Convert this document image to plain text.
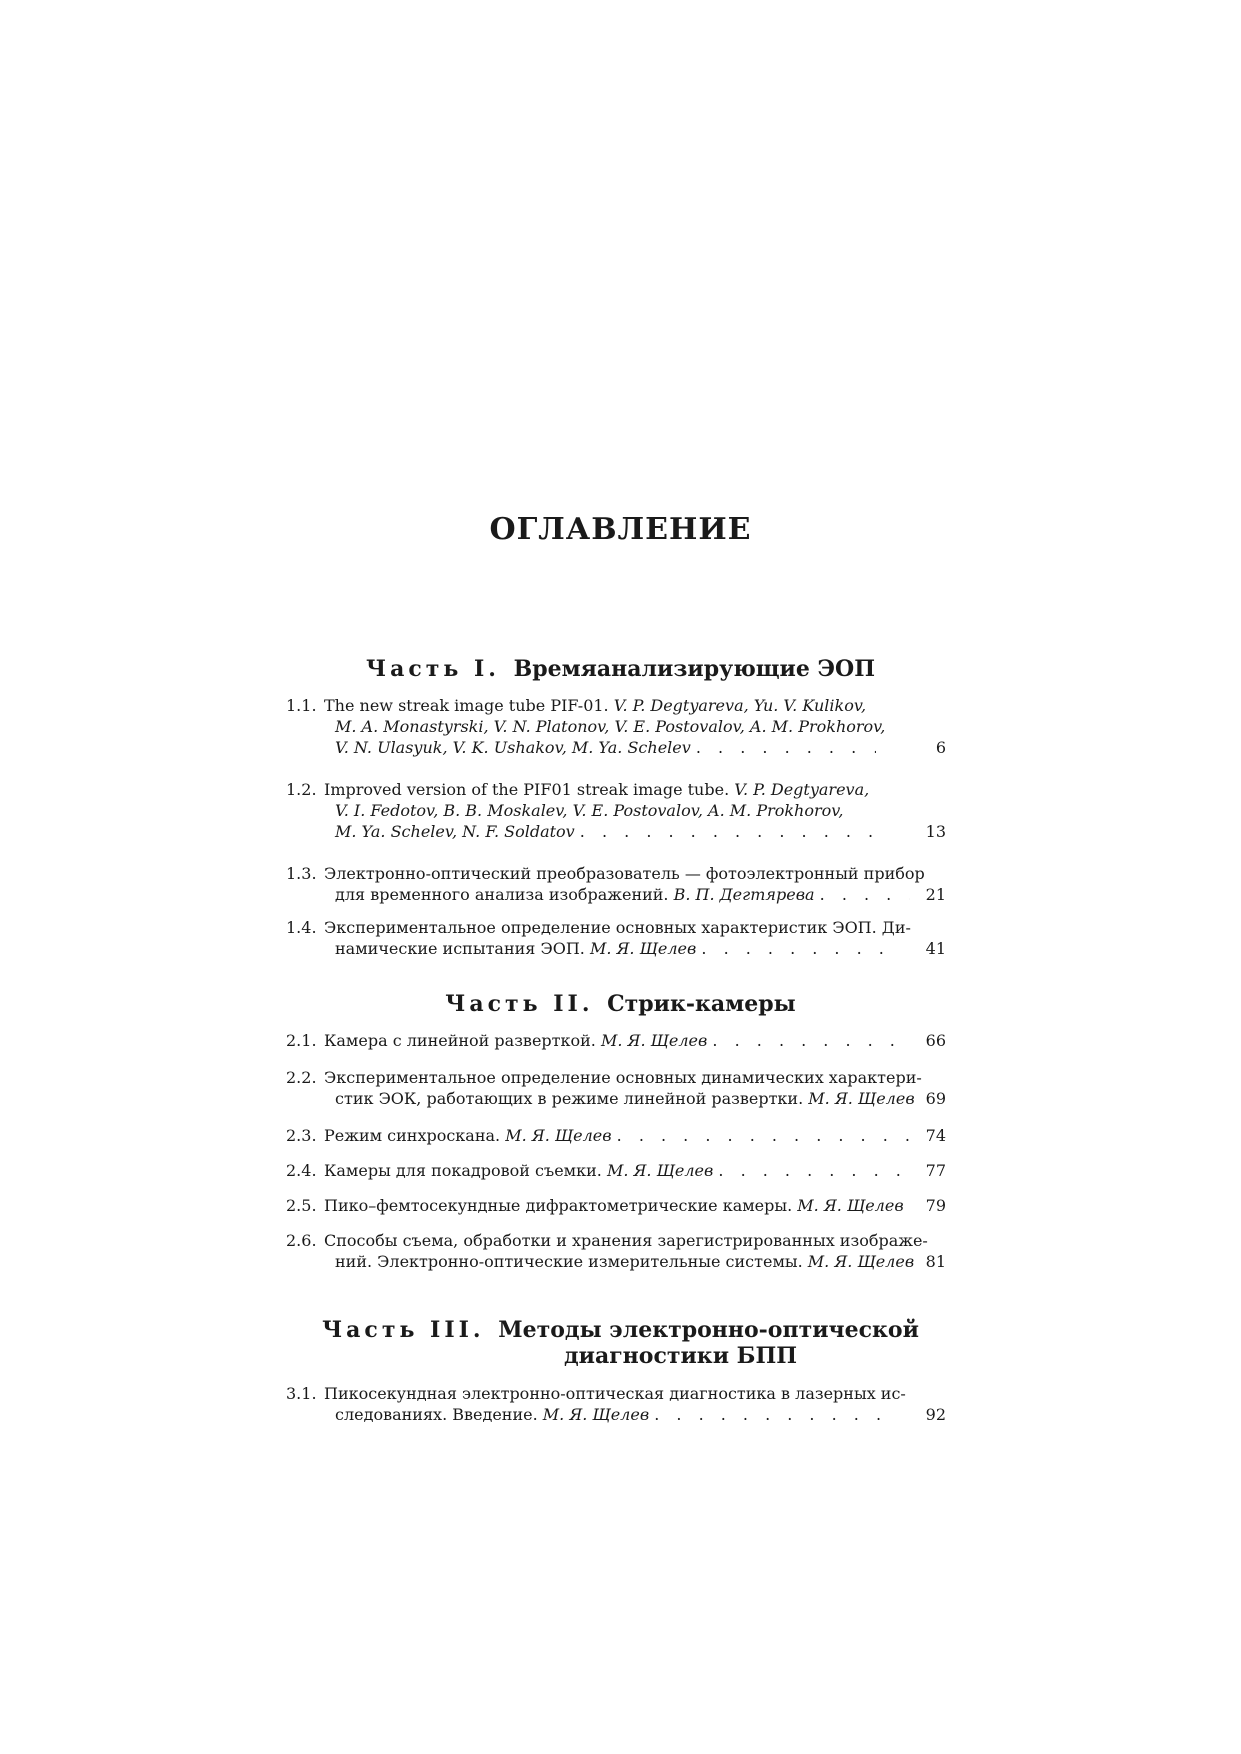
ОГЛАВЛЕНИЕ
Часть I. Времяанализирующие ЭОП
1.1. The new streak image tube PIF-01. V. P. Degtyareva, Yu. V. Kulikov,
M. A. Monastyrski, V. N. Platonov, V. E. Postovalov, A. M. Prokhorov,
V. N. Ulasyuk, V. K. Ushakov, M. Ya. Schelev . . .	6
1.2. Improved version of the PIF01 streak image tube. V. P. Degtyareva,
V. I. Fedotov, B. B. Moskalev, V. E. Postovalov, A. M. Prokhorov,
M. Ya. Schelev, N. F. Soldatov . . .	13
1.3. Электронно-оптический преобразователь — фотоэлектронный прибор
для временного анализа изображений. В. П. Дегтярева . . .	21
1.4. Экспериментальное определение основных характеристик ЭОП. Ди-
намические испытания ЭОП. М. Я. Щелев . . .	41
Часть II. Стрик-камеры
2.1. Камера с линейной разверткой. М. Я. Щелев . . .	66
2.2. Экспериментальное определение основных динамических характери-
стик ЭОК, работающих в режиме линейной развертки. М. Я. Щелев 69
2.3. Режим синхроскана. М. Я. Щелев . . .	74
2.4. Камеры для покадровой съемки. М. Я. Щелев . . .	77
2.5. Пико–фемтосекундные дифрактометрические камеры. М. Я. Щелев	79
2.6. Способы съема, обработки и хранения зарегистрированных изображе-
ний. Электронно-оптические измерительные системы. М. Я. Щелев 81
Часть III. Методы электронно-оптической
диагностики БПП
3.1. Пикосекундная электронно-оптическая диагностика в лазерных ис-
следованиях. Введение. М. Я. Щелев . . .	92
